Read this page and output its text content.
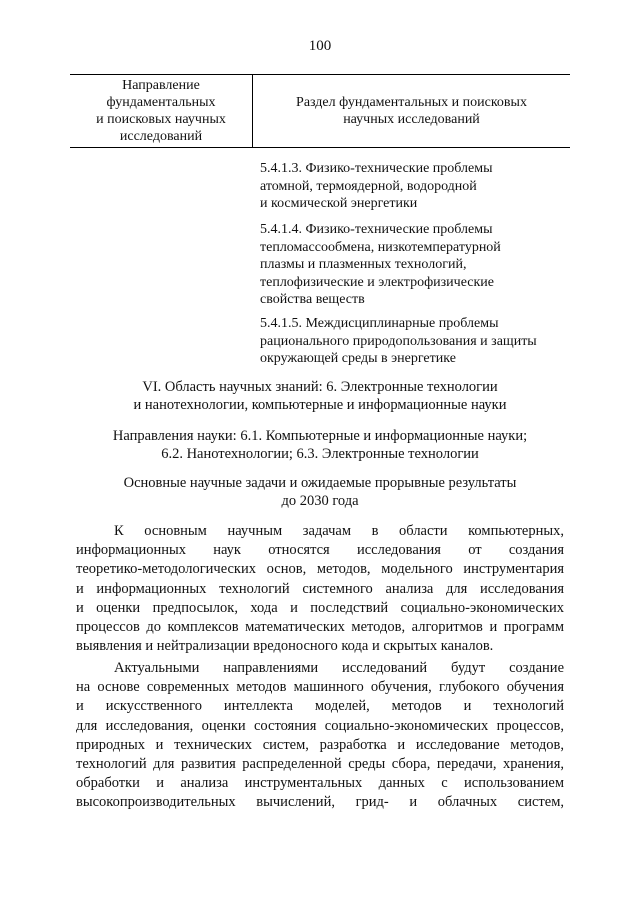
100
Направление
фундаментальных
и поисковых научных
исследований
Раздел фундаментальных и поисковых
научных исследований
5.4.1.3. Физико-технические проблемы
атомной, термоядерной, водородной
и космической энергетики
5.4.1.4. Физико-технические проблемы
тепломассообмена, низкотемпературной
плазмы и плазменных технологий,
теплофизические и электрофизические
свойства веществ
5.4.1.5. Междисциплинарные проблемы
рационального природопользования и защиты
окружающей среды в энергетике
VI. Область научных знаний: 6. Электронные технологии
и нанотехнологии, компьютерные и информационные науки
Направления науки: 6.1. Компьютерные и информационные науки;
6.2. Нанотехнологии; 6.3. Электронные технологии
Основные научные задачи и ожидаемые прорывные результаты
до 2030 года
К основным научным задачам в области компьютерных,
информационных наук относятся исследования от создания
теоретико-методологических основ, методов, модельного инструментария
и информационных технологий системного анализа для исследования
и оценки предпосылок, хода и последствий социально-экономических
процессов до комплексов математических методов, алгоритмов и программ
выявления и нейтрализации вредоносного кода и скрытых каналов.
Актуальными направлениями исследований будут создание
на основе современных методов машинного обучения, глубокого обучения
и искусственного интеллекта моделей, методов и технологий
для исследования, оценки состояния социально-экономических процессов,
природных и технических систем, разработка и исследование методов,
технологий для развития распределенной среды сбора, передачи, хранения,
обработки и анализа инструментальных данных с использованием
высокопроизводительных вычислений, грид- и облачных систем,
